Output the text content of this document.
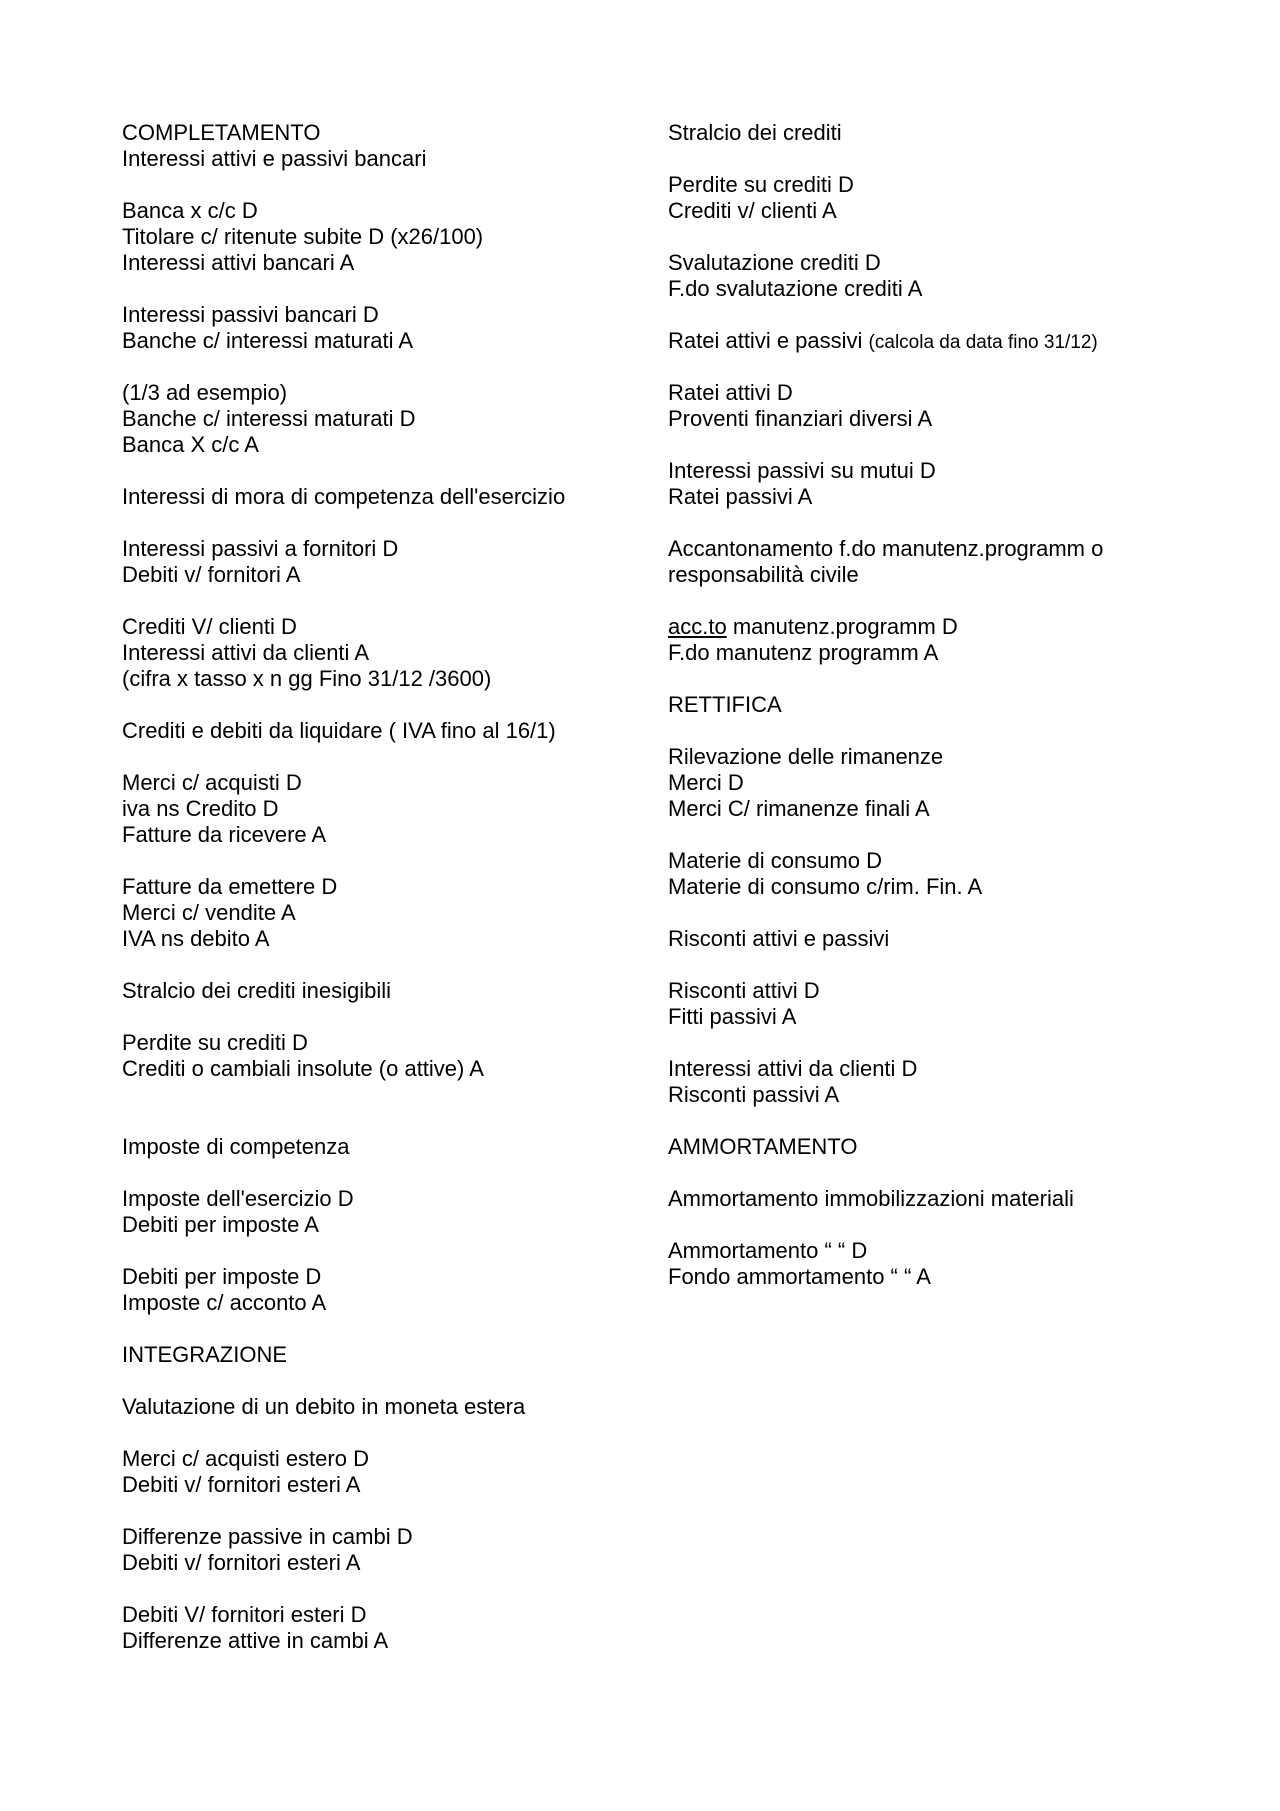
COMPLETAMENTO
Interessi attivi e passivi bancari
Banca x c/c D
Titolare c/ ritenute subite D (x26/100)
Interessi attivi bancari A
Interessi passivi bancari D
Banche c/ interessi maturati A
(1/3 ad esempio)
Banche c/ interessi maturati D
Banca X c/c A
Interessi di mora di competenza dell'esercizio
Interessi passivi a fornitori D
Debiti v/ fornitori A
Crediti V/ clienti D
Interessi attivi da clienti A
(cifra x tasso x n gg Fino 31/12 /3600)
Crediti e debiti da liquidare ( IVA fino al 16/1)
Merci c/ acquisti D
iva ns Credito D
Fatture da ricevere A
Fatture da emettere D
Merci c/ vendite A
IVA ns debito A
Stralcio dei crediti inesigibili
Perdite su crediti D
Crediti o cambiali insolute (o attive) A
Imposte di competenza
Imposte dell'esercizio D
Debiti per imposte A
Debiti per imposte D
Imposte c/ acconto A
INTEGRAZIONE
Valutazione di un debito in moneta estera
Merci c/ acquisti estero D
Debiti v/ fornitori esteri A
Differenze passive in cambi D
Debiti v/ fornitori esteri A
Debiti V/ fornitori esteri D
Differenze attive in cambi A
Stralcio dei crediti
Perdite su crediti D
Crediti v/ clienti A
Svalutazione crediti D
F.do svalutazione crediti A
Ratei attivi e passivi (calcola da data fino 31/12)
Ratei attivi D
Proventi finanziari diversi A
Interessi passivi su mutui D
Ratei passivi A
Accantonamento f.do manutenz.programm o
responsabilità civile
acc.to manutenz.programm D
F.do manutenz programm A
RETTIFICA
Rilevazione delle rimanenze
Merci D
Merci C/ rimanenze finali A
Materie di consumo D
Materie di consumo c/rim. Fin. A
Risconti attivi e passivi
Risconti attivi D
Fitti passivi A
Interessi attivi da clienti D
Risconti passivi A
AMMORTAMENTO
Ammortamento immobilizzazioni materiali
Ammortamento “ “ D
Fondo ammortamento “ “ A
